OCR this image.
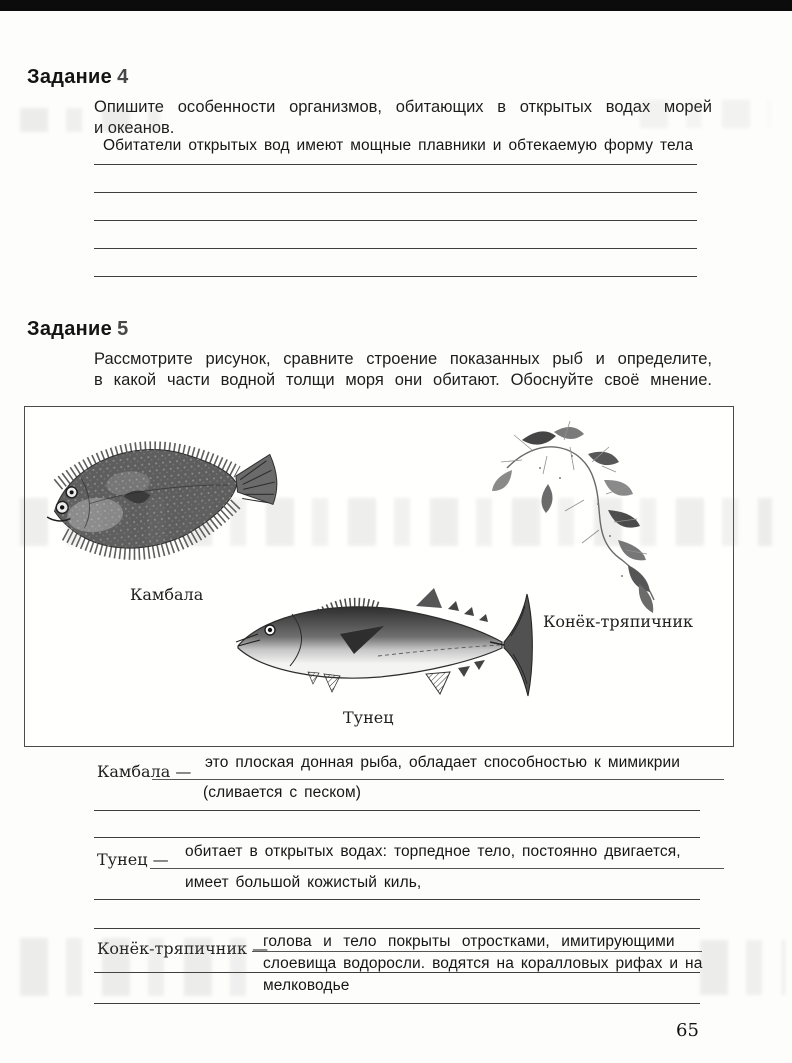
Задание 4
Опишите особенности организмов, обитающих в открытых водах морей
и океанов.
Обитатели открытых вод имеют мощные плавники и обтекаемую форму тела
Задание 5
Рассмотрите рисунок, сравните строение показанных рыб и определите,
в какой части водной толщи моря они обитают. Обоснуйте своё мнение.
Камбала
Конёк-тряпичник
Тунец
Камбала — это плоская донная рыба, обладает способностью к мимикрии
(сливается с песком)
Тунец — обитает в открытых водах: торпедное тело, постоянно двигается,
имеет большой кожистый киль,
Конёк-тряпичник —
голова и тело покрыты отростками, имитирующими
слоевища водоросли. водятся на коралловых рифах и на
мелководье
65
